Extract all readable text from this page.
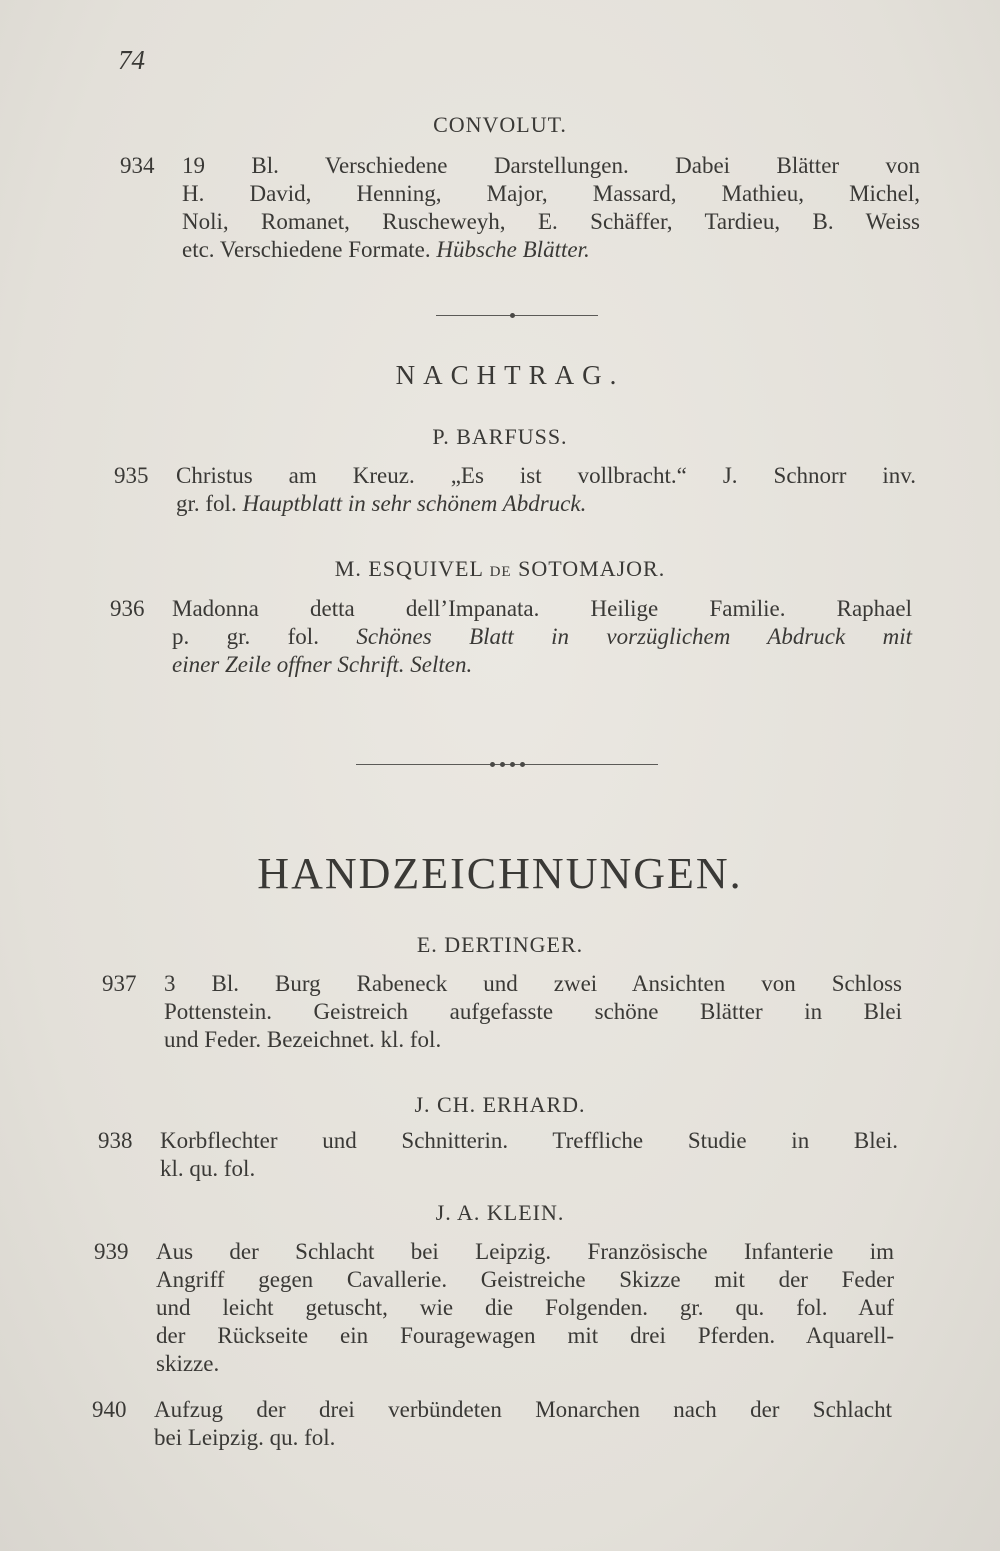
74
CONVOLUT.
934	19 Bl. Verschiedene Darstellungen. Dabei Blätter von
H. David, Henning, Major, Massard, Mathieu, Michel,
Noli, Romanet, Ruscheweyh, E. Schäffer, Tardieu, B. Weiss
etc. Verschiedene Formate. Hübsche Blätter.
NACHTRAG.
P. BARFUSS.
935	Christus am Kreuz. „Es ist vollbracht.“ J. Schnorr inv.
gr. fol. Hauptblatt in sehr schönem Abdruck.
M. ESQUIVEL DE SOTOMAJOR.
936	Madonna detta dell’Impanata. Heilige Familie. Raphael
p. gr. fol. Schönes Blatt in vorzüglichem Abdruck mit
einer Zeile offner Schrift. Selten.
HANDZEICHNUNGEN.
E. DERTINGER.
937	3 Bl. Burg Rabeneck und zwei Ansichten von Schloss
Pottenstein. Geistreich aufgefasste schöne Blätter in Blei
und Feder. Bezeichnet. kl. fol.
J. CH. ERHARD.
938	Korbflechter und Schnitterin. Treffliche Studie in Blei.
kl. qu. fol.
J. A. KLEIN.
939	Aus der Schlacht bei Leipzig. Französische Infanterie im
Angriff gegen Cavallerie. Geistreiche Skizze mit der Feder
und leicht getuscht, wie die Folgenden. gr. qu. fol. Auf
der Rückseite ein Fouragewagen mit drei Pferden. Aquarell-
skizze.
940	Aufzug der drei verbündeten Monarchen nach der Schlacht
bei Leipzig. qu. fol.
